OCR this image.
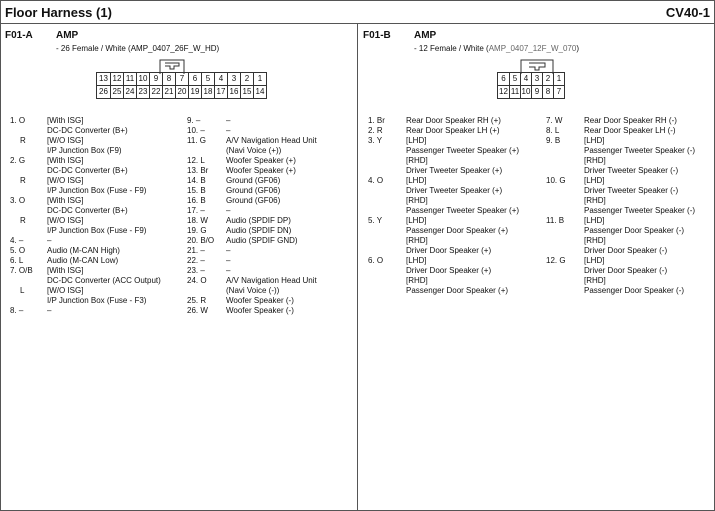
Floor Harness (1)	CV40-1
F01-A AMP
- 26 Female / White (AMP_0407_26F_W_HD)
13 12 11 10 9	8	7	6	5	4	3	2	1
26 25 24 23 22 21 20 19 18 17 16 15 14
1. O	[With ISG]
DC-DC Converter (B+)
R	[W/O ISG]
I/P Junction Box (F9)
2. G	[With ISG]
DC-DC Converter (B+)
R	[W/O ISG]
I/P Junction Box (Fuse - F9)
3. O	[With ISG]
DC-DC Converter (B+)
R	[W/O ISG]
I/P Junction Box (Fuse - F9)
4. –	–
5. O	Audio (M-CAN High)
6. L	Audio (M-CAN Low)
7. O/B [With ISG]
DC-DC Converter (ACC Output)
L	[W/O ISG]
I/P Junction Box (Fuse - F3)
8. –	–
9. –	–
10. –	–
11. G	A/V Navigation Head Unit
(Navi Voice (+))
12. L	Woofer Speaker (+)
13. Br Woofer Speaker (+)
14. B	Ground (GF06)
15. B	Ground (GF06)
16. B	Ground (GF06)
17. –	–
18. W Audio (SPDIF DP)
19. G Audio (SPDIF DN)
20. B/O Audio (SPDIF GND)
21. –	–
22. –	–
23. –	–
24. O A/V Navigation Head Unit
(Navi Voice (-))
25. R Woofer Speaker (-)
26. W Woofer Speaker (-)
F01-B AMP
- 12 Female / White (AMP_0407_12F_W_070)
6 5 4 3 2 1
12 11 10 9 8 7
1. Br	Rear Door Speaker RH (+)
2. R	Rear Door Speaker LH (+)
3. Y	[LHD]
Passenger Tweeter Speaker (+)
[RHD]
Driver Tweeter Speaker (+)
4. O	[LHD]
Driver Tweeter Speaker (+)
[RHD]
Passenger Tweeter Speaker (+)
5. Y	[LHD]
Passenger Door Speaker (+)
[RHD]
Driver Door Speaker (+)
6. O	[LHD]
Driver Door Speaker (+)
[RHD]
Passenger Door Speaker (+)
7. W	Rear Door Speaker RH (-)
8. L	Rear Door Speaker LH (-)
9. B	[LHD]
Passenger Tweeter Speaker (-)
[RHD]
Driver Tweeter Speaker (-)
10. G [LHD]
Driver Tweeter Speaker (-)
[RHD]
Passenger Tweeter Speaker (-)
11. B [LHD]
Passenger Door Speaker (-)
[RHD]
Driver Door Speaker (-)
12. G [LHD]
Driver Door Speaker (-)
[RHD]
Passenger Door Speaker (-)
